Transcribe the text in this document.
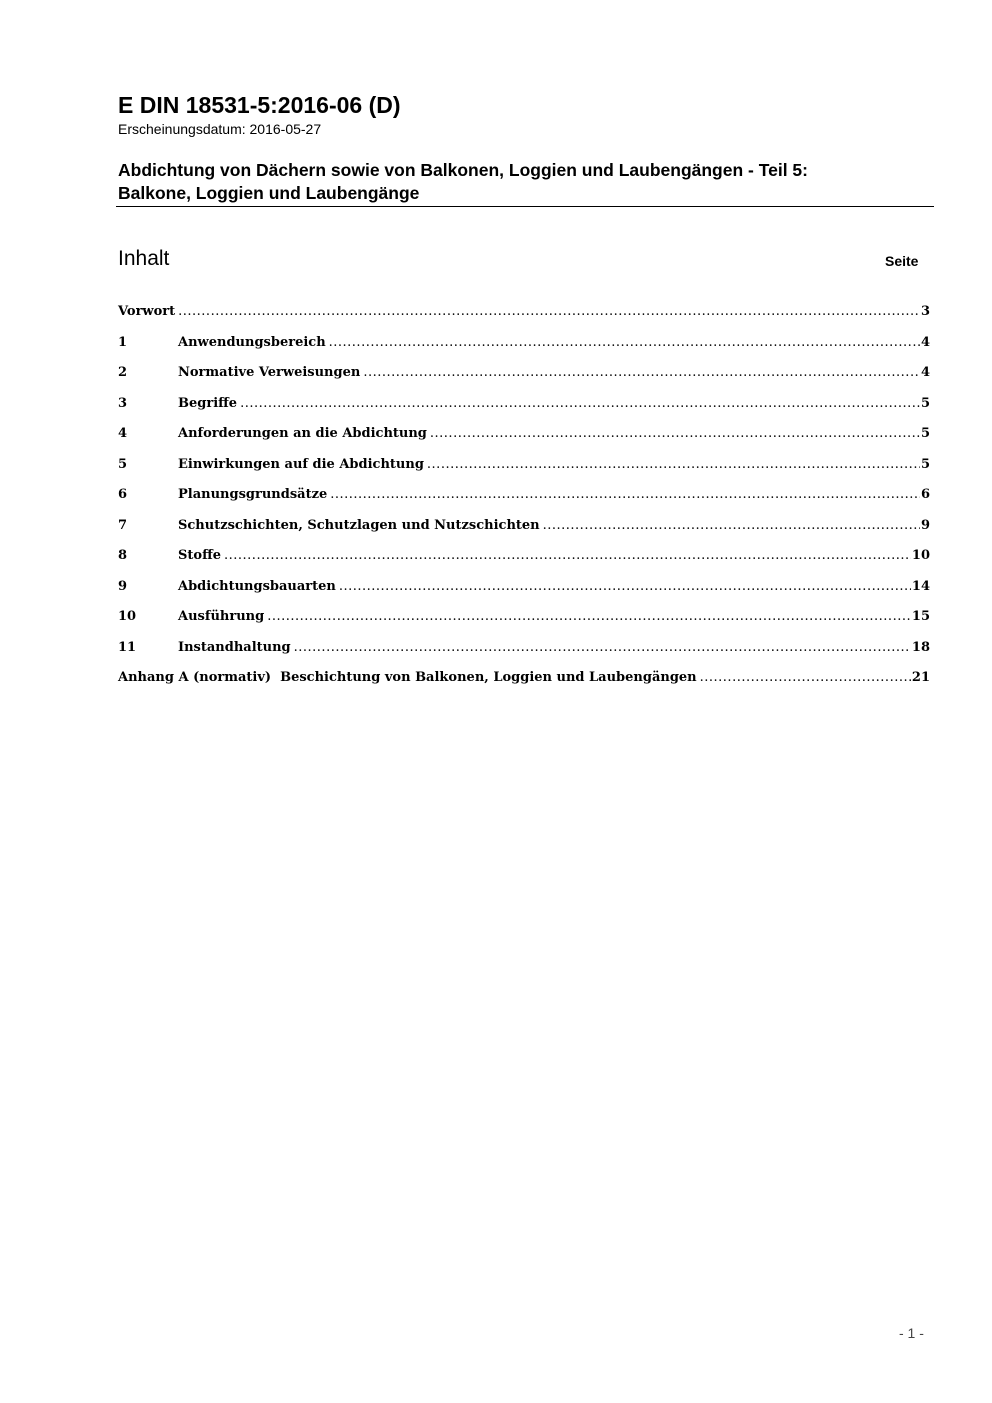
E DIN 18531-5:2016-06 (D)
Erscheinungsdatum: 2016-05-27
Abdichtung von Dächern sowie von Balkonen, Loggien und Laubengängen - Teil 5:
Balkone, Loggien und Laubengänge
Inhalt	Seite
Vorwort .....	3
1	Anwendungsbereich .....	4
2	Normative Verweisungen .....	4
3	Begriffe .....	5
4	Anforderungen an die Abdichtung .....	5
5	Einwirkungen auf die Abdichtung .....	5
6	Planungsgrundsätze .....	6
7	Schutzschichten, Schutzlagen und Nutzschichten .....	9
8	Stoffe .....	10
9	Abdichtungsbauarten .....	14
10	Ausführung .....	15
11	Instandhaltung .....	18
Anhang A (normativ)  Beschichtung von Balkonen, Loggien und Laubengängen .....	21
- 1 -
